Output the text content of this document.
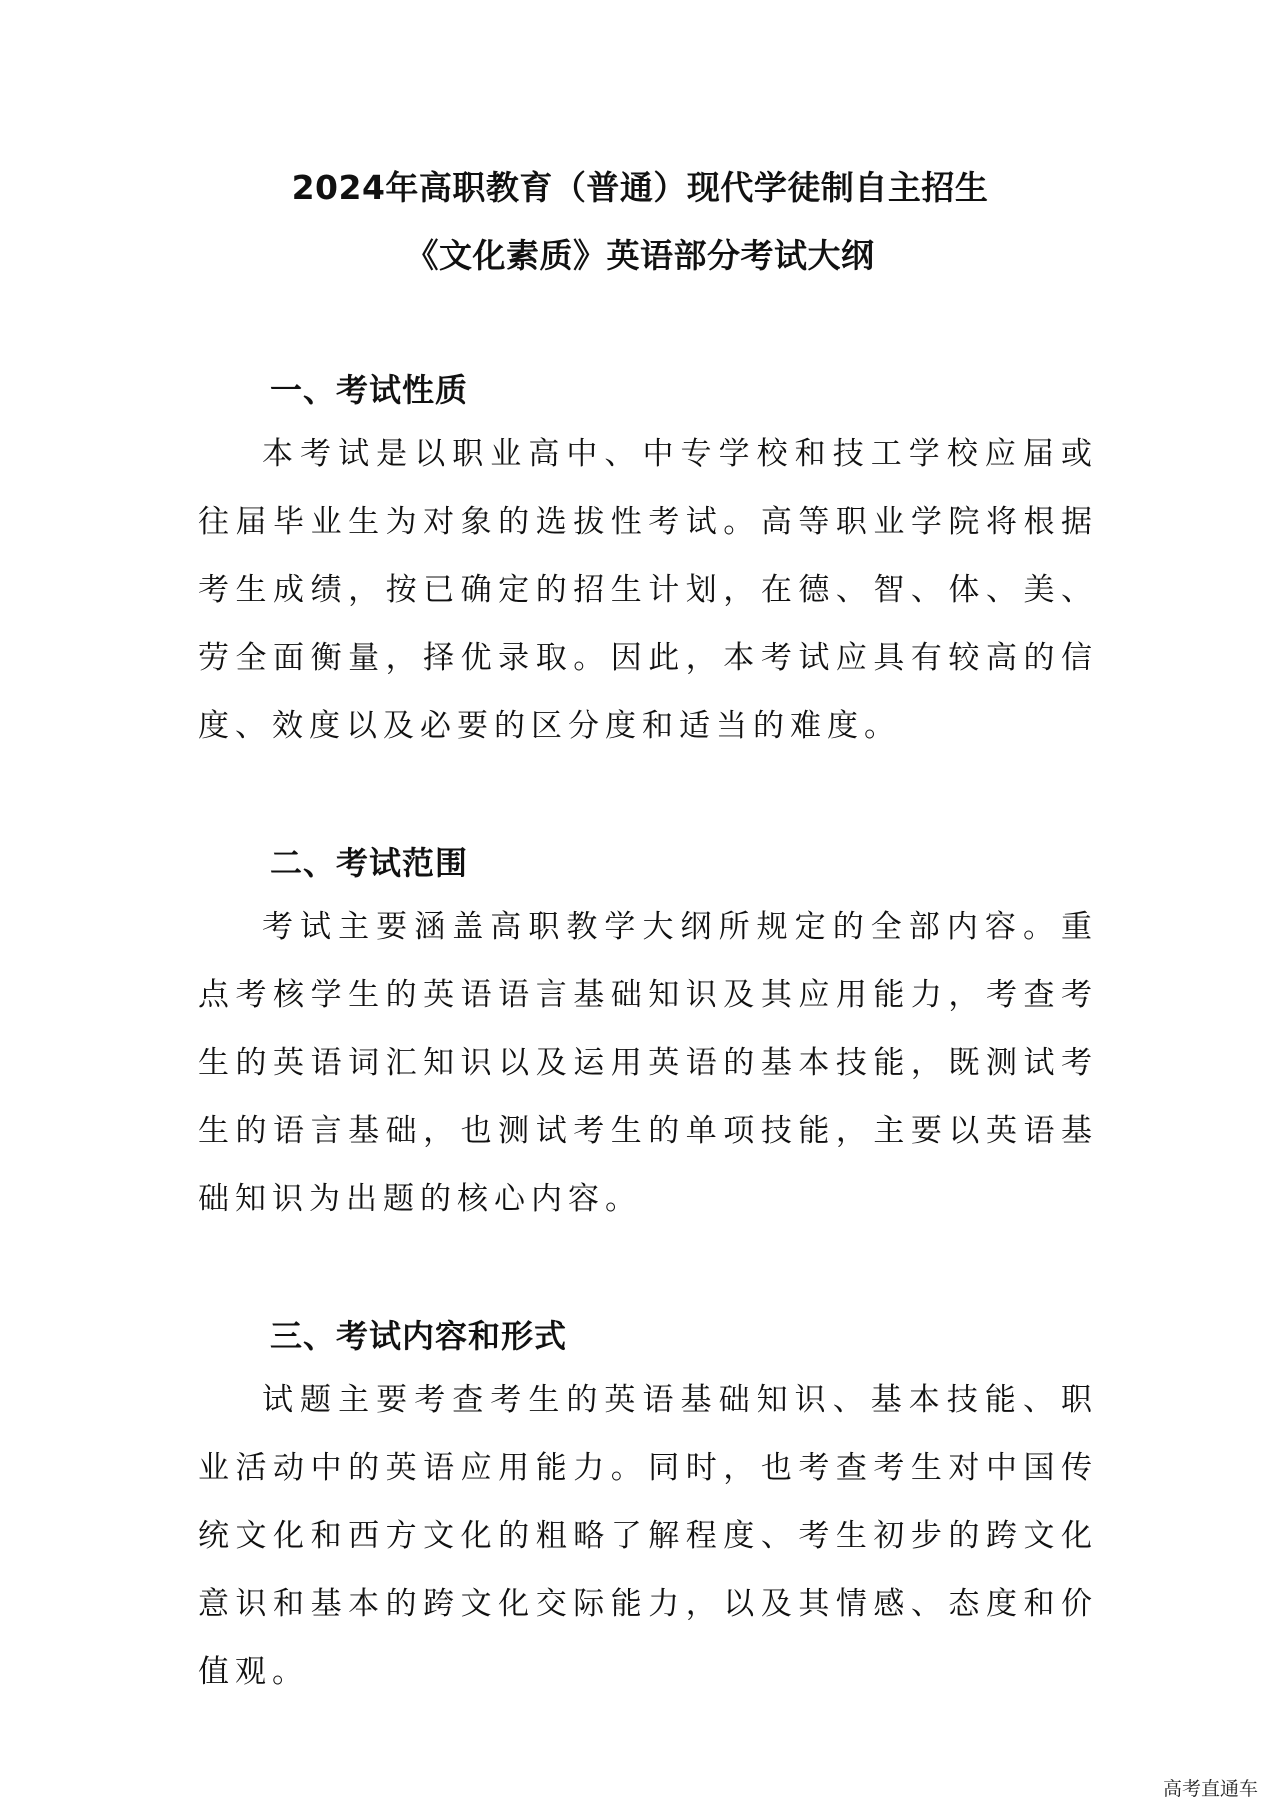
2024年高职教育（普通）现代学徒制自主招生
《文化素质》英语部分考试大纲
一、考试性质

本考试是以职业高中、中专学校和技工学校应届或往届毕业生为对象的选拔性考试。高等职业学院将根据考生成绩，按已确定的招生计划，在德、智、体、美、劳全面衡量，择优录取。因此，本考试应具有较高的信度、效度以及必要的区分度和适当的难度。

二、考试范围

考试主要涵盖高职教学大纲所规定的全部内容。重点考核学生的英语语言基础知识及其应用能力，考查考生的英语词汇知识以及运用英语的基本技能，既测试考生的语言基础，也测试考生的单项技能，主要以英语基础知识为出题的核心内容。

三、考试内容和形式

试题主要考查考生的英语基础知识、基本技能、职业活动中的英语应用能力。同时，也考查考生对中国传统文化和西方文化的粗略了解程度、考生初步的跨文化意识和基本的跨文化交际能力，以及其情感、态度和价值观。

高考直通车
